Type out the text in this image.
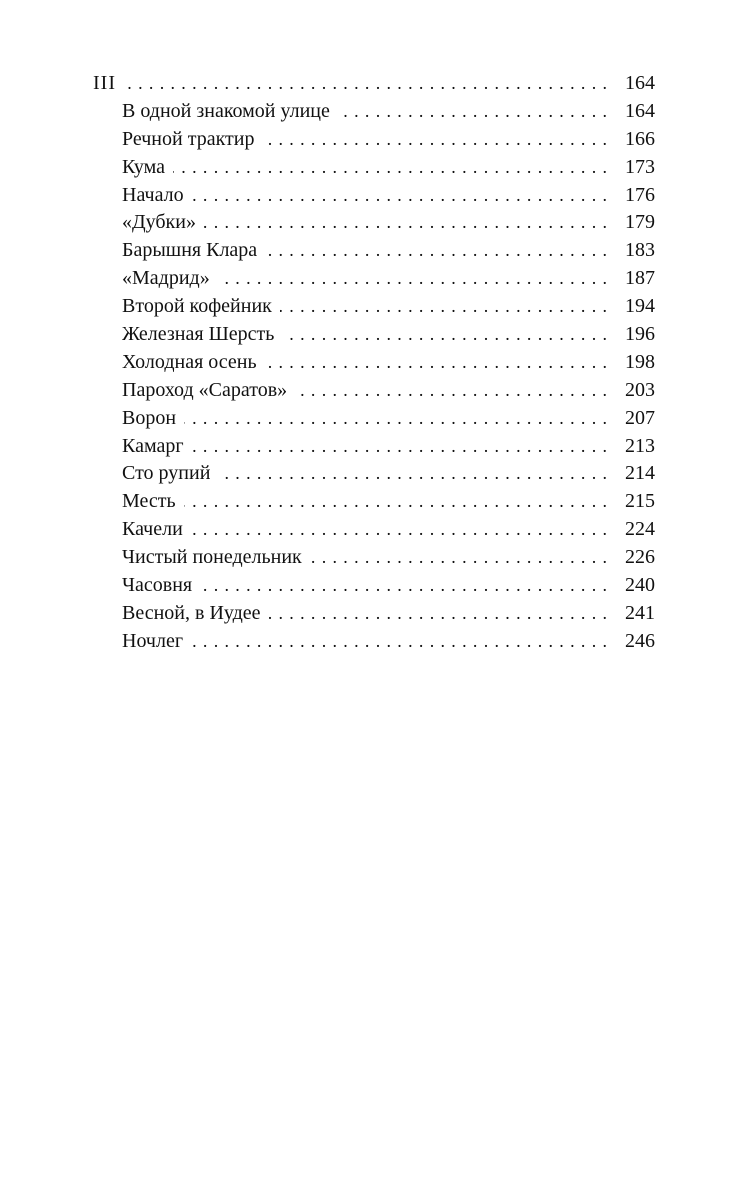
III . . .	164
В одной знакомой улице . . .	164
Речной трактир . . .	166
Кума . . .	173
Начало . . .	176
«Дубки» . . .	179
Барышня Клара . . .	183
«Мадрид» . . .	187
Второй кофейник . . .	194
Железная Шерсть . . .	196
Холодная осень . . .	198
Пароход «Саратов» . . .	203
Ворон . . .	207
Камарг . . .	213
Сто рупий . . .	214
Месть . . .	215
Качели . . .	224
Чистый понедельник . . .	226
Часовня . . .	240
Весной, в Иудее . . .	241
Ночлег . . .	246
